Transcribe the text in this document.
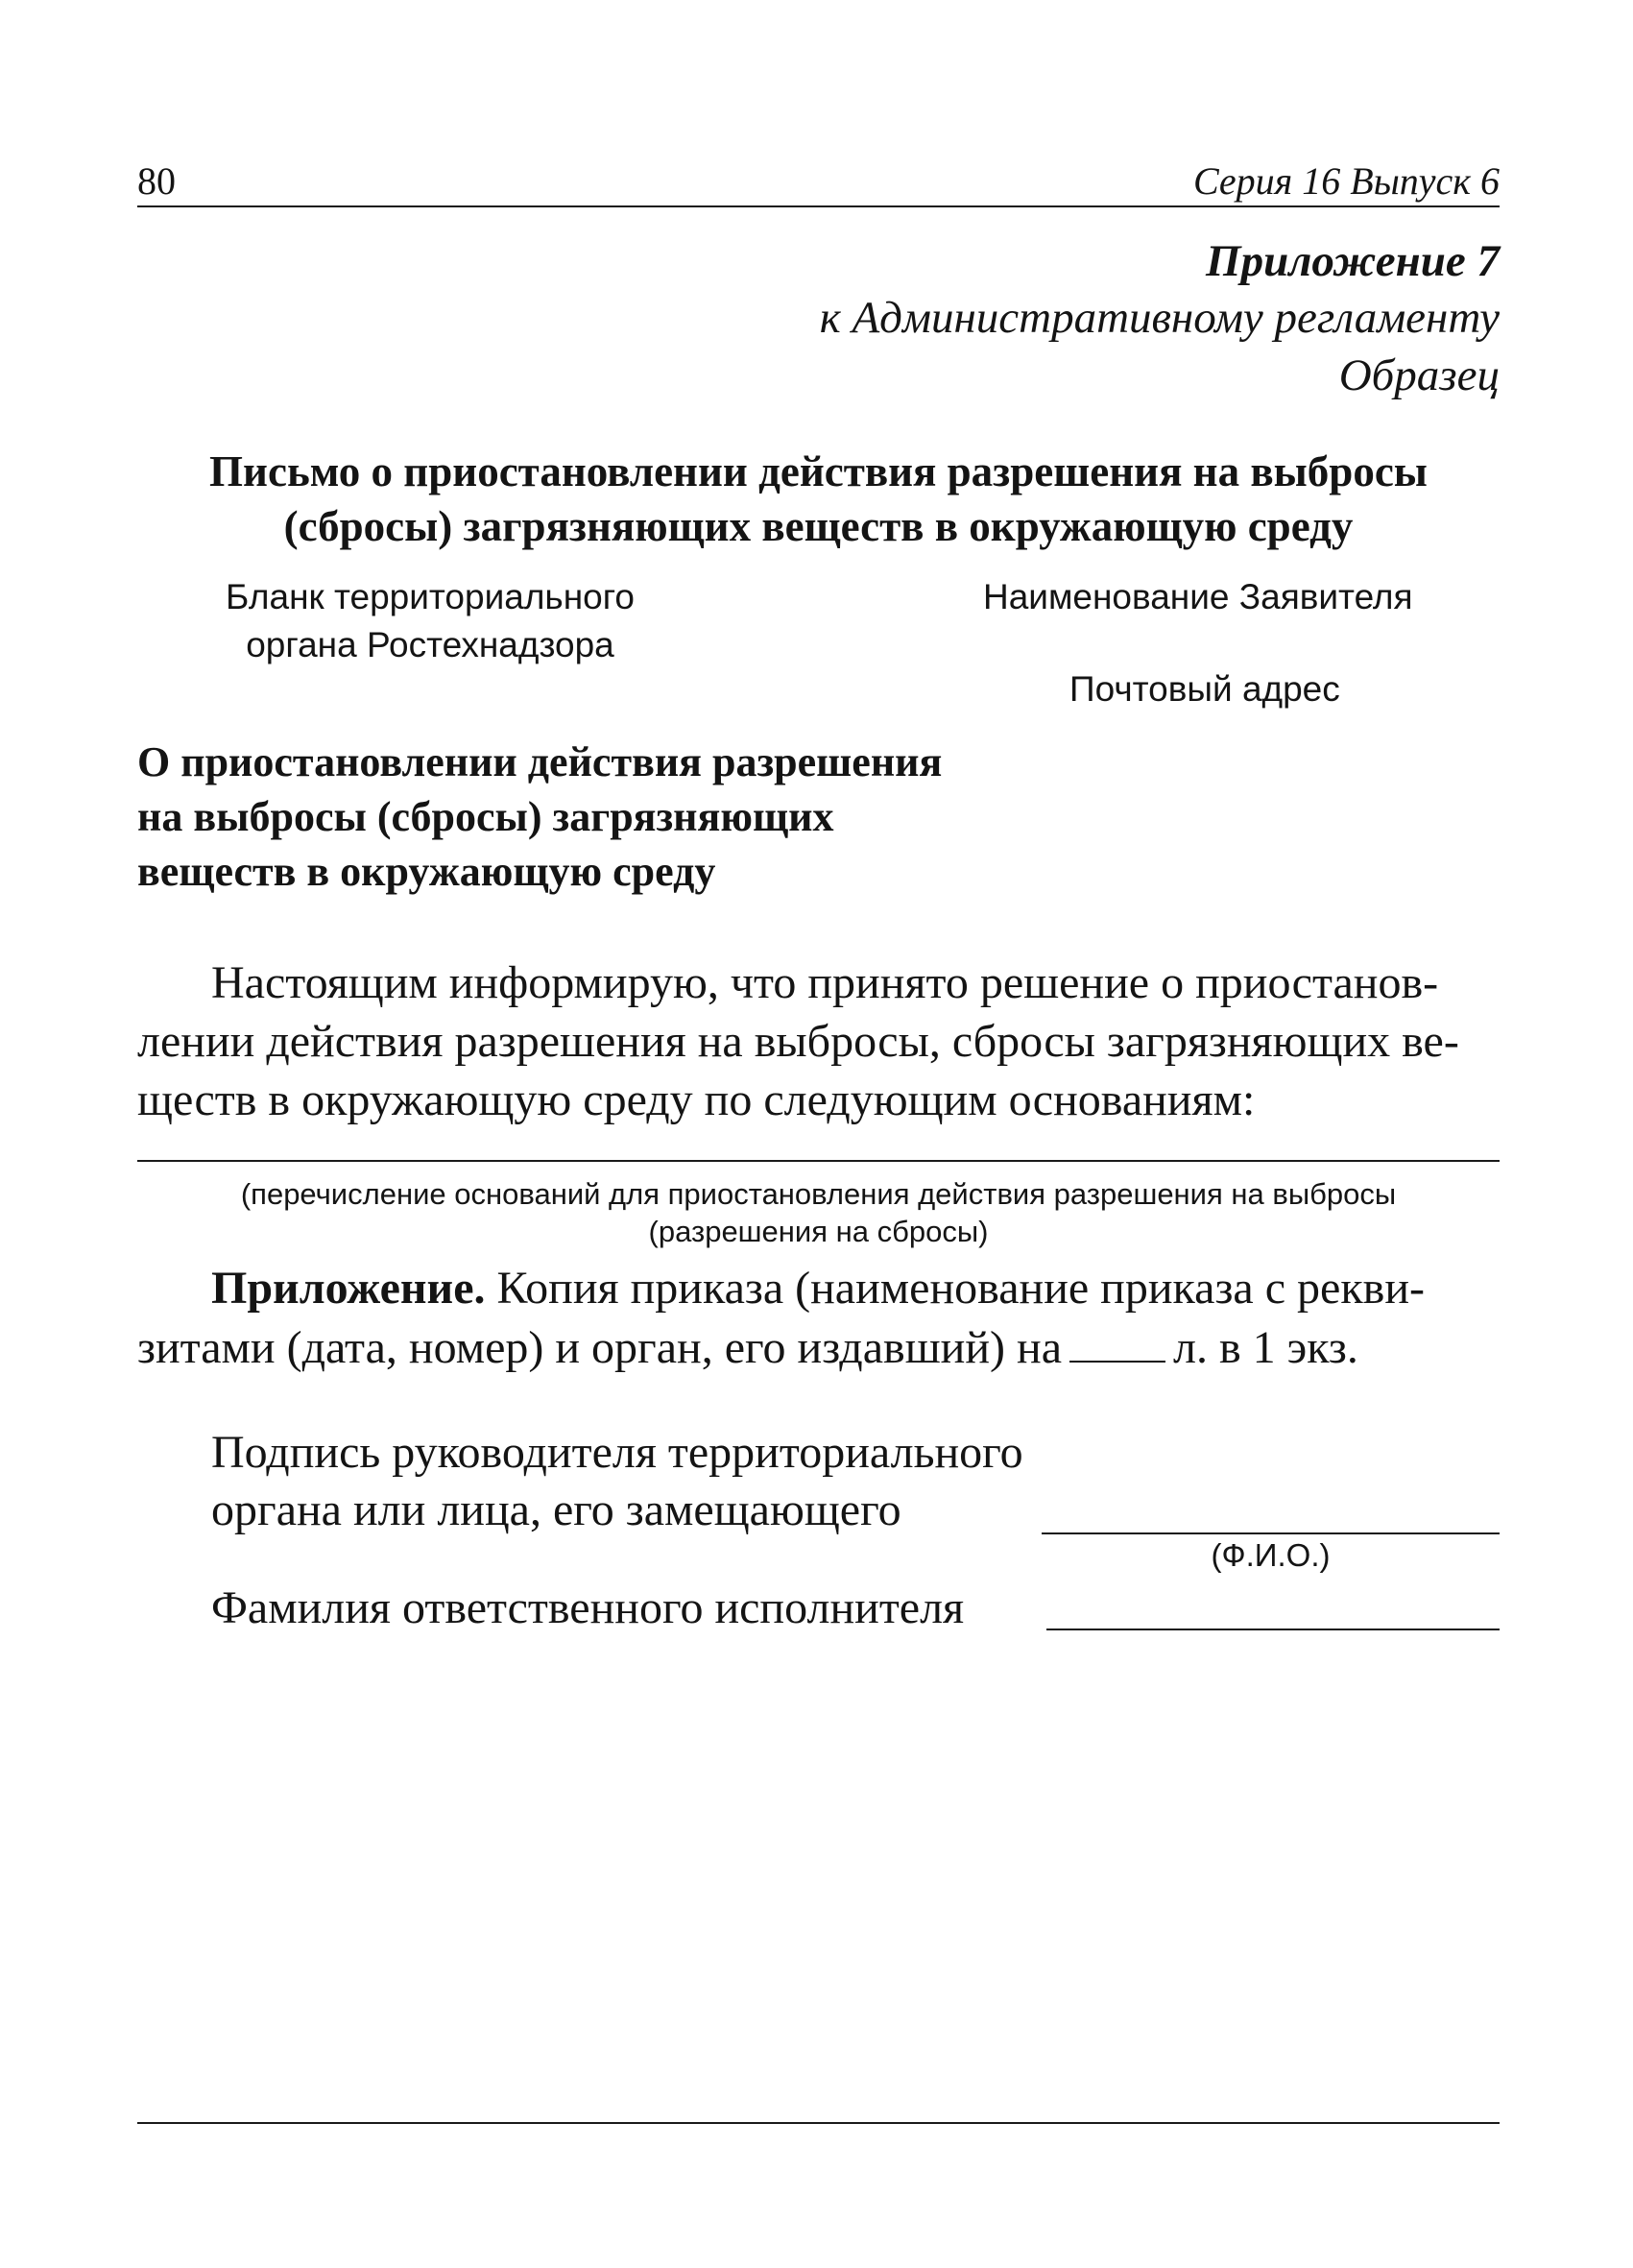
80	Серия 16 Выпуск 6
Приложение 7
к Административному регламенту
Образец
Письмо о приостановлении действия разрешения на выбросы
(сбросы) загрязняющих веществ в окружающую среду
Бланк территориального
органа Ростехнадзора
Наименование Заявителя
Почтовый адрес
О приостановлении действия разрешения
на выбросы (сбросы) загрязняющих
веществ в окружающую среду
Настоящим информирую, что принято решение о приостанов-
лении действия разрешения на выбросы, сбросы загрязняющих ве-
ществ в окружающую среду по следующим основаниям:
(перечисление оснований для приостановления действия разрешения на выбросы
(разрешения на сбросы)
Приложение. Копия приказа (наименование приказа с рекви-
зитами (дата, номер) и орган, его издавший) на л. в 1 экз.
Подпись руководителя территориального
органа или лица, его замещающего
(Ф.И.О.)
Фамилия ответственного исполнителя
